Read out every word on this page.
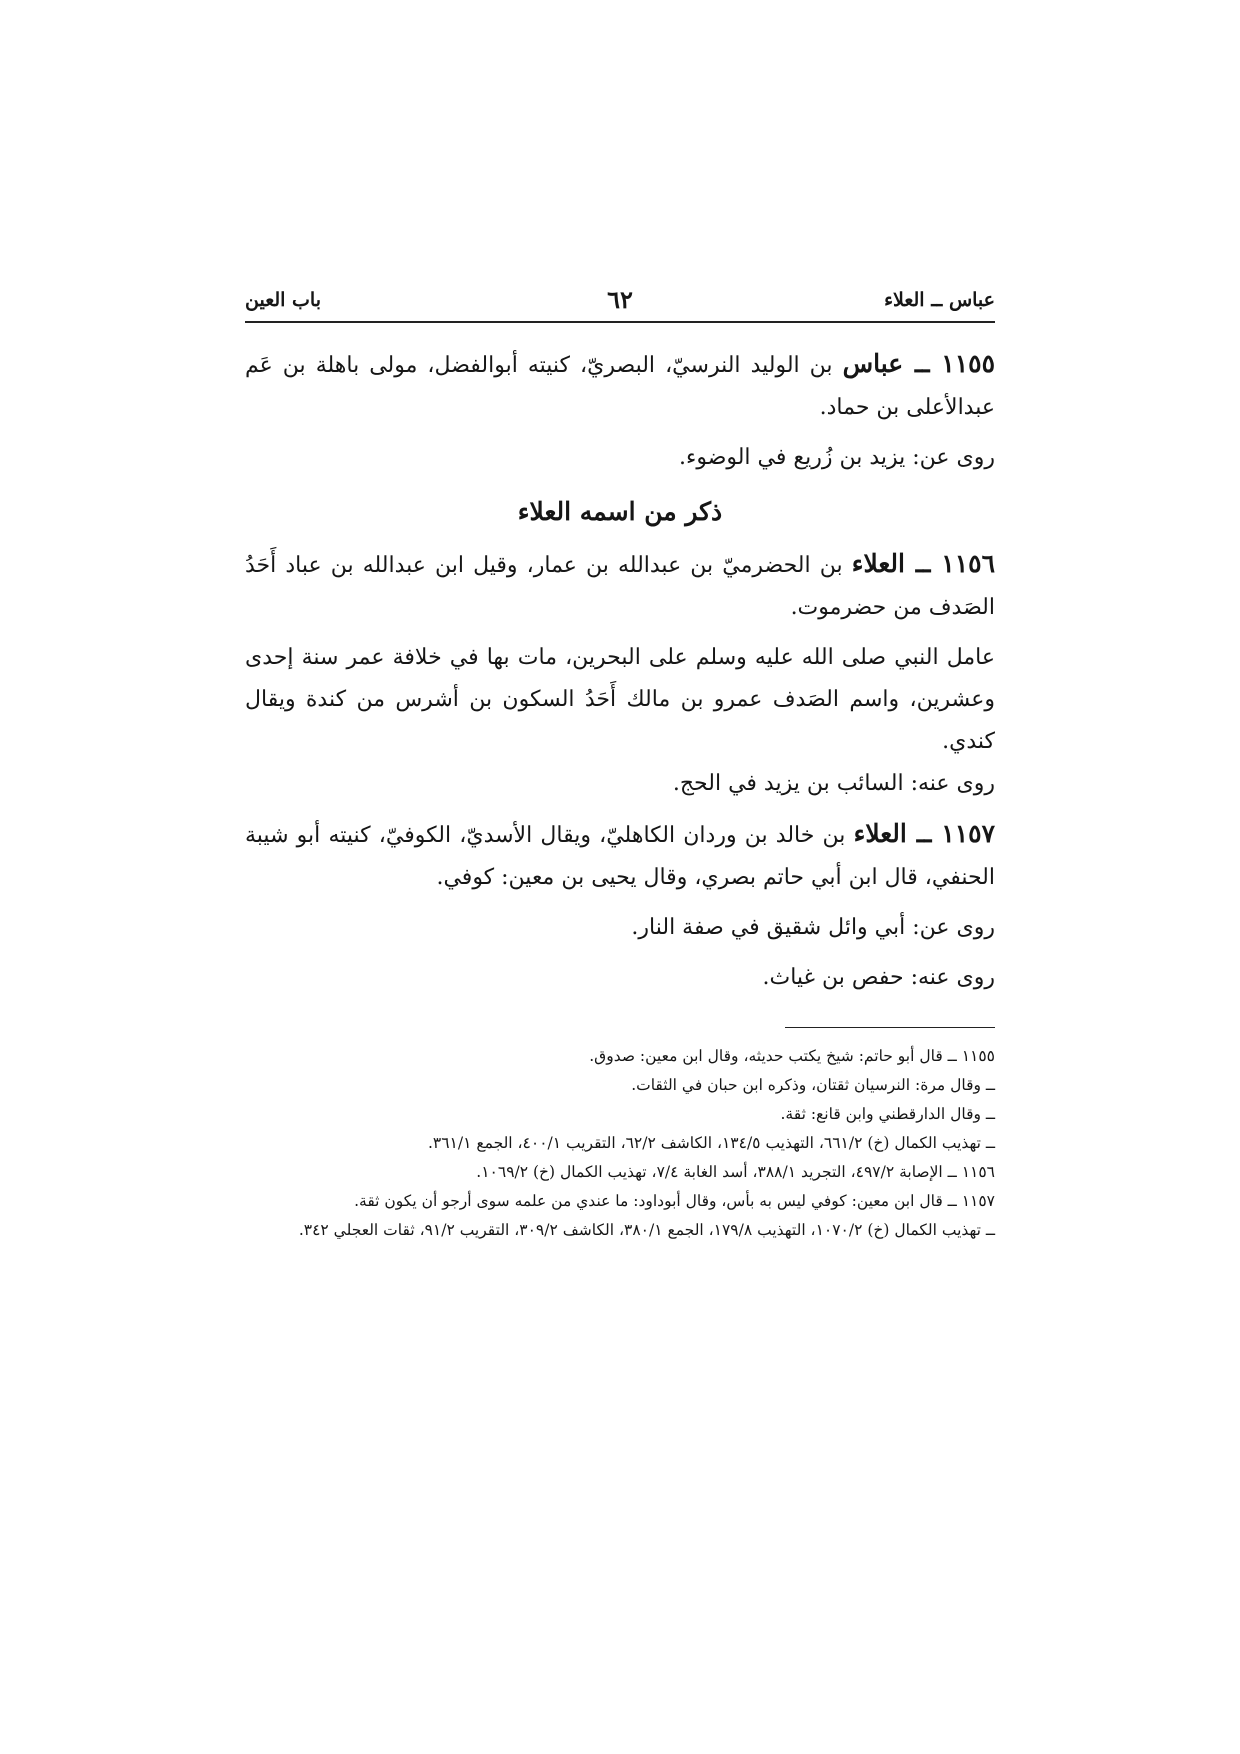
عباس ــ العلاء
٦٢
باب العين

١١٥٥ ــ عباس بن الوليد النرسيّ، البصريّ، كنيته أبوالفضل، مولى باهلة بن عَم عبدالأعلى بن حماد.

روى عن: يزيد بن زُريع في الوضوء.

ذكر من اسمه العلاء

١١٥٦ ــ العلاء بن الحضرميّ بن عبدالله بن عمار، وقيل ابن عبدالله بن عباد أَحَدُ الصَدف من حضرموت.

عامل النبي صلى الله عليه وسلم على البحرين، مات بها في خلافة عمر سنة إحدى وعشرين، واسم الصَدف عمرو بن مالك أَحَدُ السكون بن أشرس من كندة ويقال كندي.

روى عنه: السائب بن يزيد في الحج.

١١٥٧ ــ العلاء بن خالد بن وردان الكاهليّ، ويقال الأسديّ، الكوفيّ، كنيته أبو شيبة الحنفي، قال ابن أبي حاتم بصري، وقال يحيى بن معين: كوفي.

روى عن: أبي وائل شقيق في صفة النار.

روى عنه: حفص بن غياث.

١١٥٥ ــ قال أبو حاتم: شيخ يكتب حديثه، وقال ابن معين: صدوق.

ــ وقال مرة: النرسيان ثقتان، وذكره ابن حبان في الثقات.

ــ وقال الدارقطني وابن قانع: ثقة.

ــ تهذيب الكمال (خ) ٦٦١/٢، التهذيب ١٣٤/٥، الكاشف ٦٢/٢، التقريب ٤٠٠/١، الجمع ٣٦١/١.

١١٥٦ ــ الإصابة ٤٩٧/٢، التجريد ٣٨٨/١، أسد الغابة ٧/٤، تهذيب الكمال (خ) ١٠٦٩/٢.

١١٥٧ ــ قال ابن معين: كوفي ليس به بأس، وقال أبوداود: ما عندي من علمه سوى أرجو أن يكون ثقة.

ــ تهذيب الكمال (خ) ١٠٧٠/٢، التهذيب ١٧٩/٨، الجمع ٣٨٠/١، الكاشف ٣٠٩/٢، التقريب ٩١/٢، ثقات العجلي ٣٤٢.
